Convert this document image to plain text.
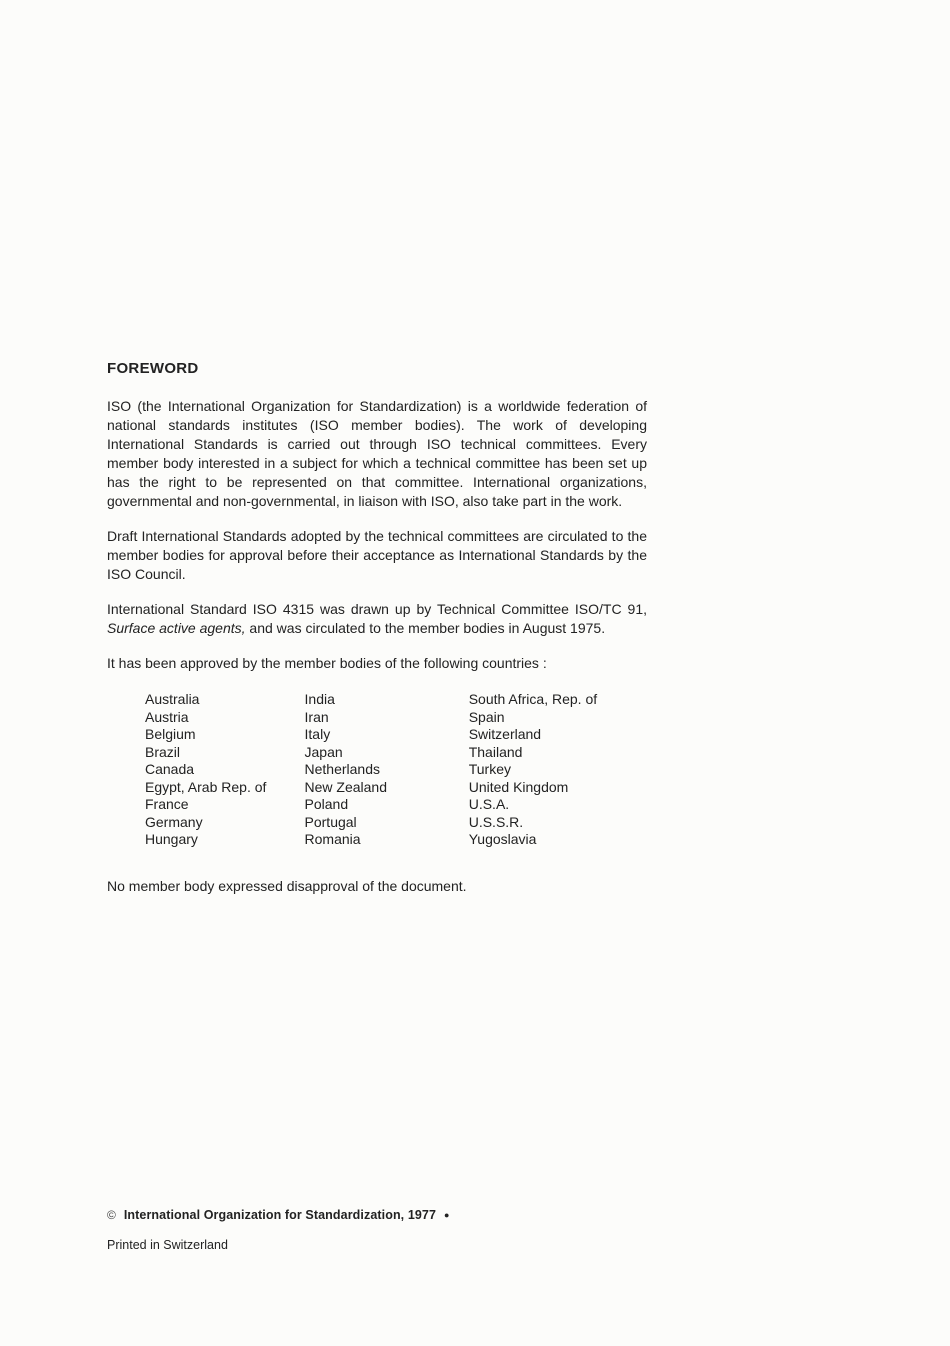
FOREWORD

ISO (the International Organization for Standardization) is a worldwide federation of national standards institutes (ISO member bodies). The work of developing International Standards is carried out through ISO technical committees. Every member body interested in a subject for which a technical committee has been set up has the right to be represented on that committee. International organizations, governmental and non-governmental, in liaison with ISO, also take part in the work.

Draft International Standards adopted by the technical committees are circulated to the member bodies for approval before their acceptance as International Standards by the ISO Council.

International Standard ISO 4315 was drawn up by Technical Committee ISO/TC 91, Surface active agents, and was circulated to the member bodies in August 1975.

It has been approved by the member bodies of the following countries :

Australia
Austria
Belgium
Brazil
Canada
Egypt, Arab Rep. of
France
Germany
Hungary
India
Iran
Italy
Japan
Netherlands
New Zealand
Poland
Portugal
Romania
South Africa, Rep. of
Spain
Switzerland
Thailand
Turkey
United Kingdom
U.S.A.
U.S.S.R.
Yugoslavia

No member body expressed disapproval of the document.

© International Organization for Standardization, 1977 ●
Printed in Switzerland
